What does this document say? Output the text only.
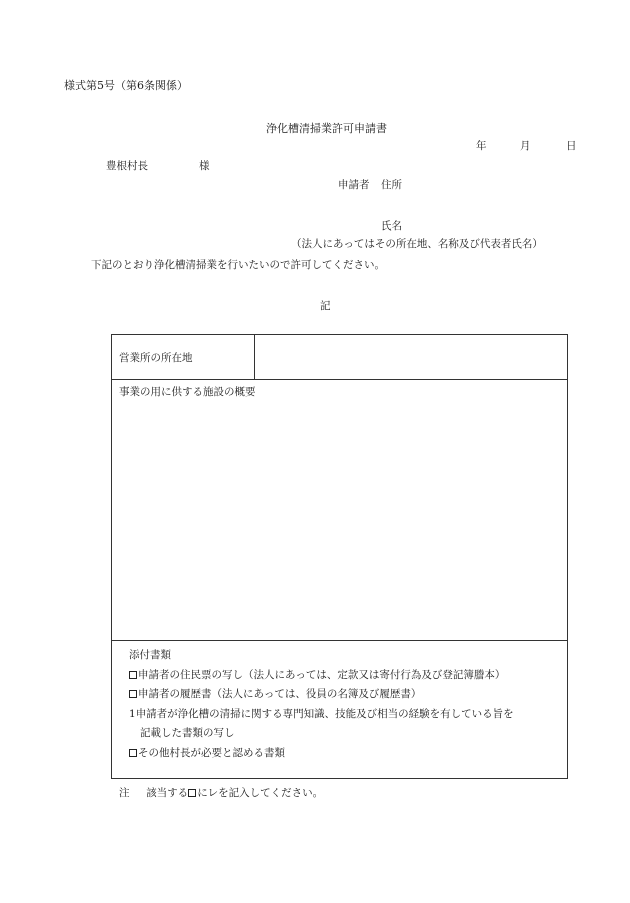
様式第5号（第6条関係）
浄化槽清掃業許可申請書
年	月	日
豊根村長	様
申請者 住所
氏名
（法人にあってはその所在地、名称及び代表者氏名）
下記のとおり浄化槽清掃業を行いたいので許可してください。
記
営業所の所在地
事業の用に供する施設の概要
添付書類
申請者の住民票の写し（法人にあっては、定款又は寄付行為及び登記簿謄本）
申請者の履歴書（法人にあっては、役員の名簿及び履歴書）
1申請者が浄化槽の清掃に関する専門知識、技能及び相当の経験を有している旨を
記載した書類の写し
その他村長が必要と認める書類
注 該当する にレを記入してください。
